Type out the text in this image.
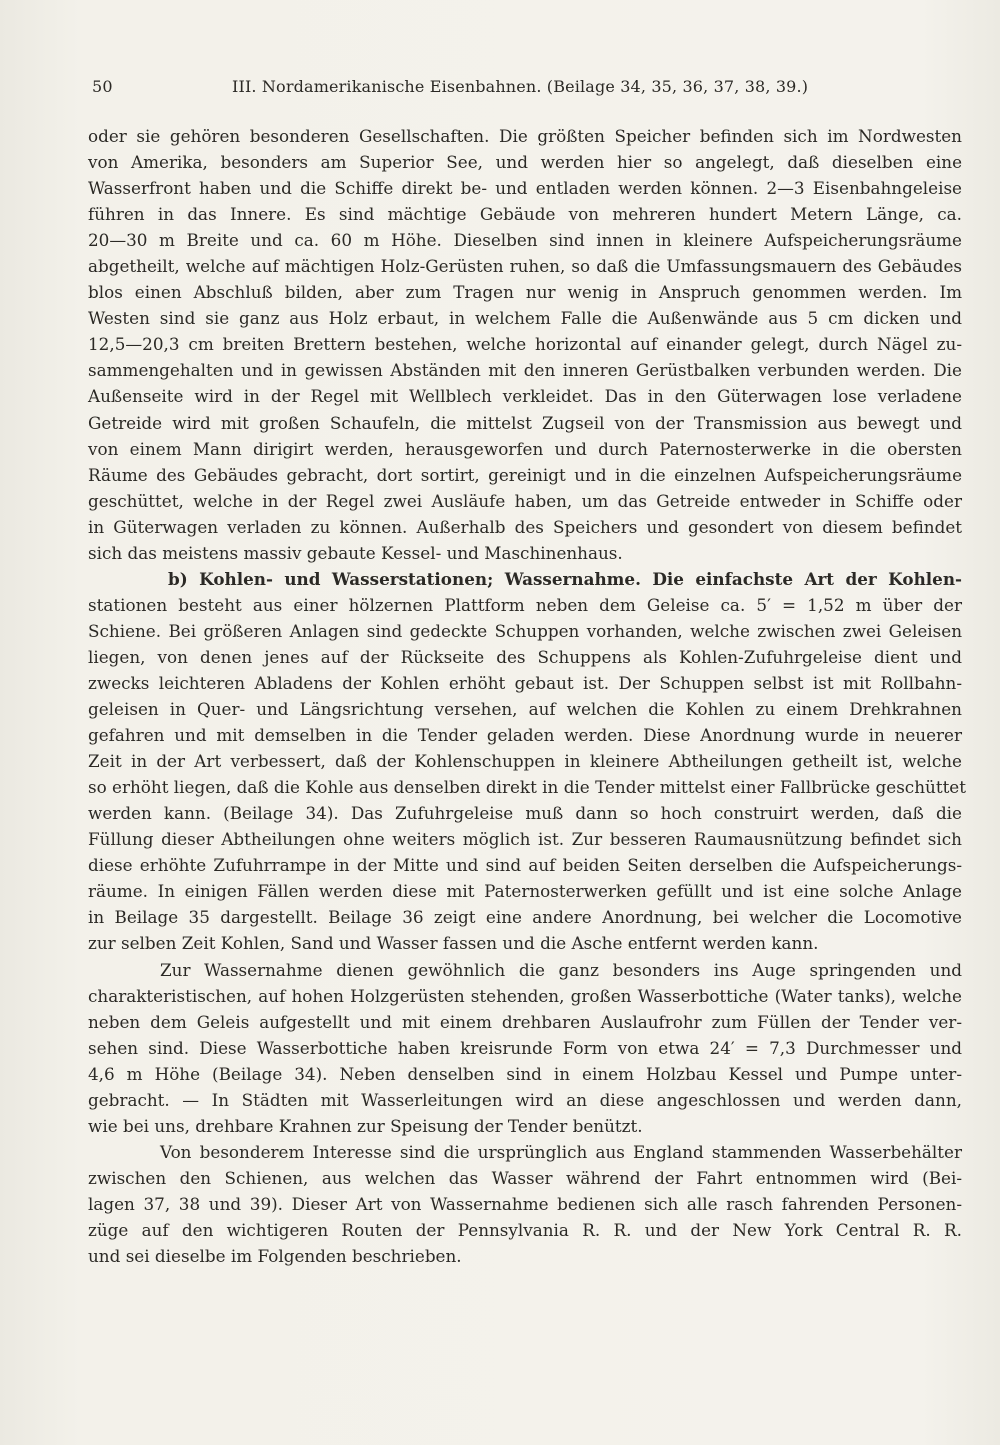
50	III. Nordamerikanische Eisenbahnen. (Beilage 34, 35, 36, 37, 38, 39.)
oder sie gehören besonderen Gesellschaften. Die größten Speicher befinden sich im Nordwesten
von Amerika, besonders am Superior See, und werden hier so angelegt, daß dieselben eine
Wasserfront haben und die Schiffe direkt be- und entladen werden können. 2—3 Eisenbahngeleise
führen in das Innere. Es sind mächtige Gebäude von mehreren hundert Metern Länge, ca.
20—30 m Breite und ca. 60 m Höhe. Dieselben sind innen in kleinere Aufspeicherungsräume
abgetheilt, welche auf mächtigen Holz-Gerüsten ruhen, so daß die Umfassungsmauern des Gebäudes
blos einen Abschluß bilden, aber zum Tragen nur wenig in Anspruch genommen werden. Im
Westen sind sie ganz aus Holz erbaut, in welchem Falle die Außenwände aus 5 cm dicken und
12,5—20,3 cm breiten Brettern bestehen, welche horizontal auf einander gelegt, durch Nägel zu-
sammengehalten und in gewissen Abständen mit den inneren Gerüstbalken verbunden werden. Die
Außenseite wird in der Regel mit Wellblech verkleidet. Das in den Güterwagen lose verladene
Getreide wird mit großen Schaufeln, die mittelst Zugseil von der Transmission aus bewegt und
von einem Mann dirigirt werden, herausgeworfen und durch Paternosterwerke in die obersten
Räume des Gebäudes gebracht, dort sortirt, gereinigt und in die einzelnen Aufspeicherungsräume
geschüttet, welche in der Regel zwei Ausläufe haben, um das Getreide entweder in Schiffe oder
in Güterwagen verladen zu können. Außerhalb des Speichers und gesondert von diesem befindet
sich das meistens massiv gebaute Kessel- und Maschinenhaus.
b) Kohlen- und Wasserstationen; Wassernahme. Die einfachste Art der Kohlen-
stationen besteht aus einer hölzernen Plattform neben dem Geleise ca. 5′ = 1,52 m über der
Schiene. Bei größeren Anlagen sind gedeckte Schuppen vorhanden, welche zwischen zwei Geleisen
liegen, von denen jenes auf der Rückseite des Schuppens als Kohlen-Zufuhrgeleise dient und
zwecks leichteren Abladens der Kohlen erhöht gebaut ist. Der Schuppen selbst ist mit Rollbahn-
geleisen in Quer- und Längsrichtung versehen, auf welchen die Kohlen zu einem Drehkrahnen
gefahren und mit demselben in die Tender geladen werden. Diese Anordnung wurde in neuerer
Zeit in der Art verbessert, daß der Kohlenschuppen in kleinere Abtheilungen getheilt ist, welche
so erhöht liegen, daß die Kohle aus denselben direkt in die Tender mittelst einer Fallbrücke geschüttet
werden kann. (Beilage 34). Das Zufuhrgeleise muß dann so hoch construirt werden, daß die
Füllung dieser Abtheilungen ohne weiters möglich ist. Zur besseren Raumausnützung befindet sich
diese erhöhte Zufuhrrampe in der Mitte und sind auf beiden Seiten derselben die Aufspeicherungs-
räume. In einigen Fällen werden diese mit Paternosterwerken gefüllt und ist eine solche Anlage
in Beilage 35 dargestellt. Beilage 36 zeigt eine andere Anordnung, bei welcher die Locomotive
zur selben Zeit Kohlen, Sand und Wasser fassen und die Asche entfernt werden kann.
Zur Wassernahme dienen gewöhnlich die ganz besonders ins Auge springenden und
charakteristischen, auf hohen Holzgerüsten stehenden, großen Wasserbottiche (Water tanks), welche
neben dem Geleis aufgestellt und mit einem drehbaren Auslaufrohr zum Füllen der Tender ver-
sehen sind. Diese Wasserbottiche haben kreisrunde Form von etwa 24′ = 7,3 Durchmesser und
4,6 m Höhe (Beilage 34). Neben denselben sind in einem Holzbau Kessel und Pumpe unter-
gebracht. — In Städten mit Wasserleitungen wird an diese angeschlossen und werden dann,
wie bei uns, drehbare Krahnen zur Speisung der Tender benützt.
Von besonderem Interesse sind die ursprünglich aus England stammenden Wasserbehälter
zwischen den Schienen, aus welchen das Wasser während der Fahrt entnommen wird (Bei-
lagen 37, 38 und 39). Dieser Art von Wassernahme bedienen sich alle rasch fahrenden Personen-
züge auf den wichtigeren Routen der Pennsylvania R. R. und der New York Central R. R.
und sei dieselbe im Folgenden beschrieben.
